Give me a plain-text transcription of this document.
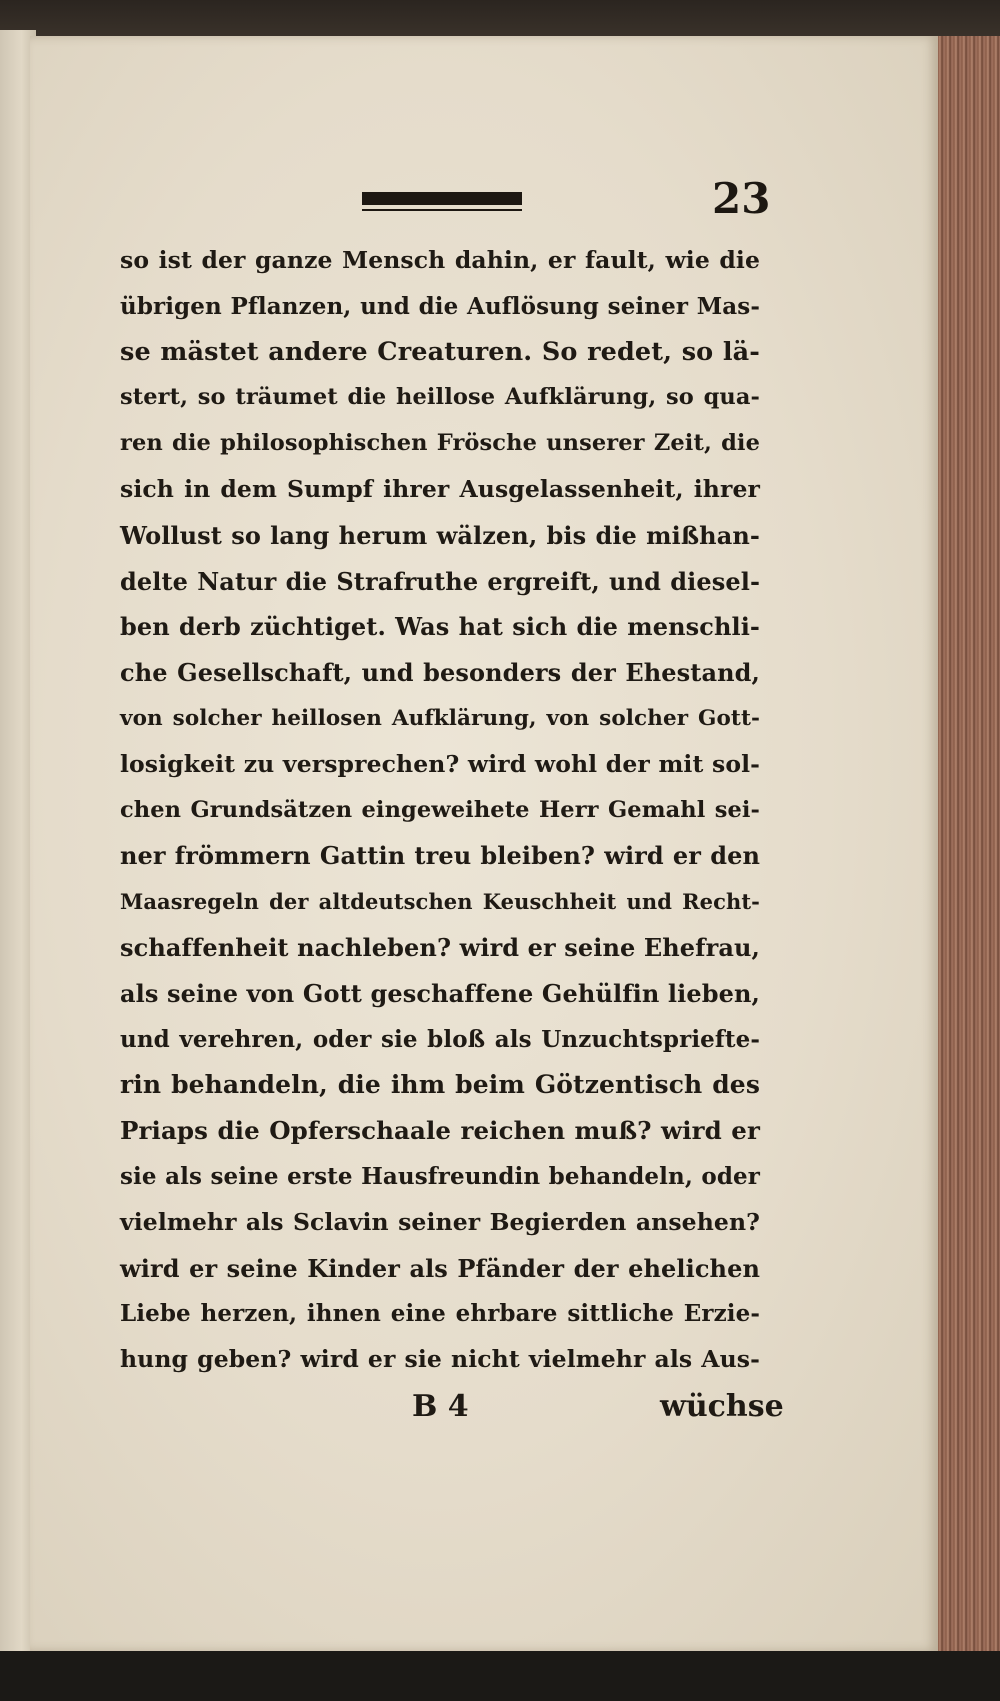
23
so ist der ganze Mensch dahin, er fault, wie die
übrigen Pflanzen, und die Auflösung seiner Mas-
se mästet andere Creaturen. So redet, so lä-
stert, so träumet die heillose Aufklärung, so qua-
ren die philosophischen Frösche unserer Zeit, die
sich in dem Sumpf ihrer Ausgelassenheit, ihrer
Wollust so lang herum wälzen, bis die mißhan-
delte Natur die Strafruthe ergreift, und diesel-
ben derb züchtiget. Was hat sich die menschli-
che Gesellschaft, und besonders der Ehestand,
von solcher heillosen Aufklärung, von solcher Gott-
losigkeit zu versprechen? wird wohl der mit sol-
chen Grundsätzen eingeweihete Herr Gemahl sei-
ner frömmern Gattin treu bleiben? wird er den
Maasregeln der altdeutschen Keuschheit und Recht-
schaffenheit nachleben? wird er seine Ehefrau,
als seine von Gott geschaffene Gehülfin lieben,
und verehren, oder sie bloß als Unzuchtspriefte-
rin behandeln, die ihm beim Götzentisch des
Priaps die Opferschaale reichen muß? wird er
sie als seine erste Hausfreundin behandeln, oder
vielmehr als Sclavin seiner Begierden ansehen?
wird er seine Kinder als Pfänder der ehelichen
Liebe herzen, ihnen eine ehrbare sittliche Erzie-
hung geben? wird er sie nicht vielmehr als Aus-
B 4	wüchse
